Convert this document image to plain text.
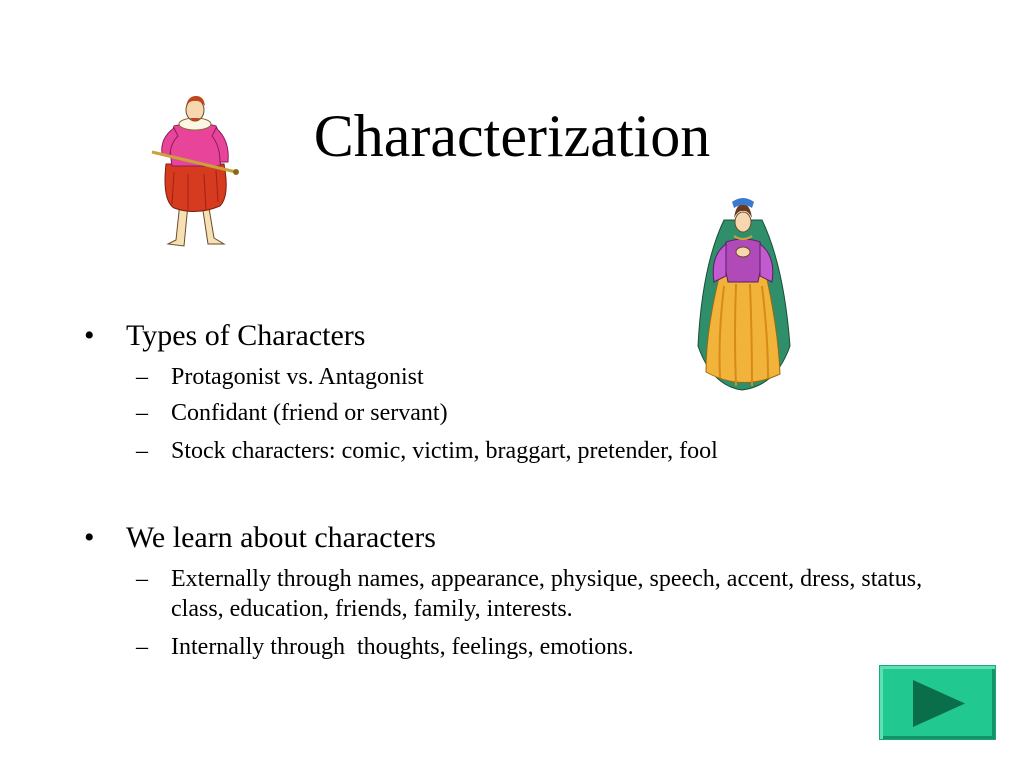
Characterization
• Types of Characters
– Protagonist vs. Antagonist
– Confidant (friend or servant)
– Stock characters: comic, victim, braggart, pretender, fool
• We learn about characters
– Externally through names, appearance, physique, speech, accent, dress, status, class, education, friends, family, interests.
– Internally through  thoughts, feelings, emotions.
